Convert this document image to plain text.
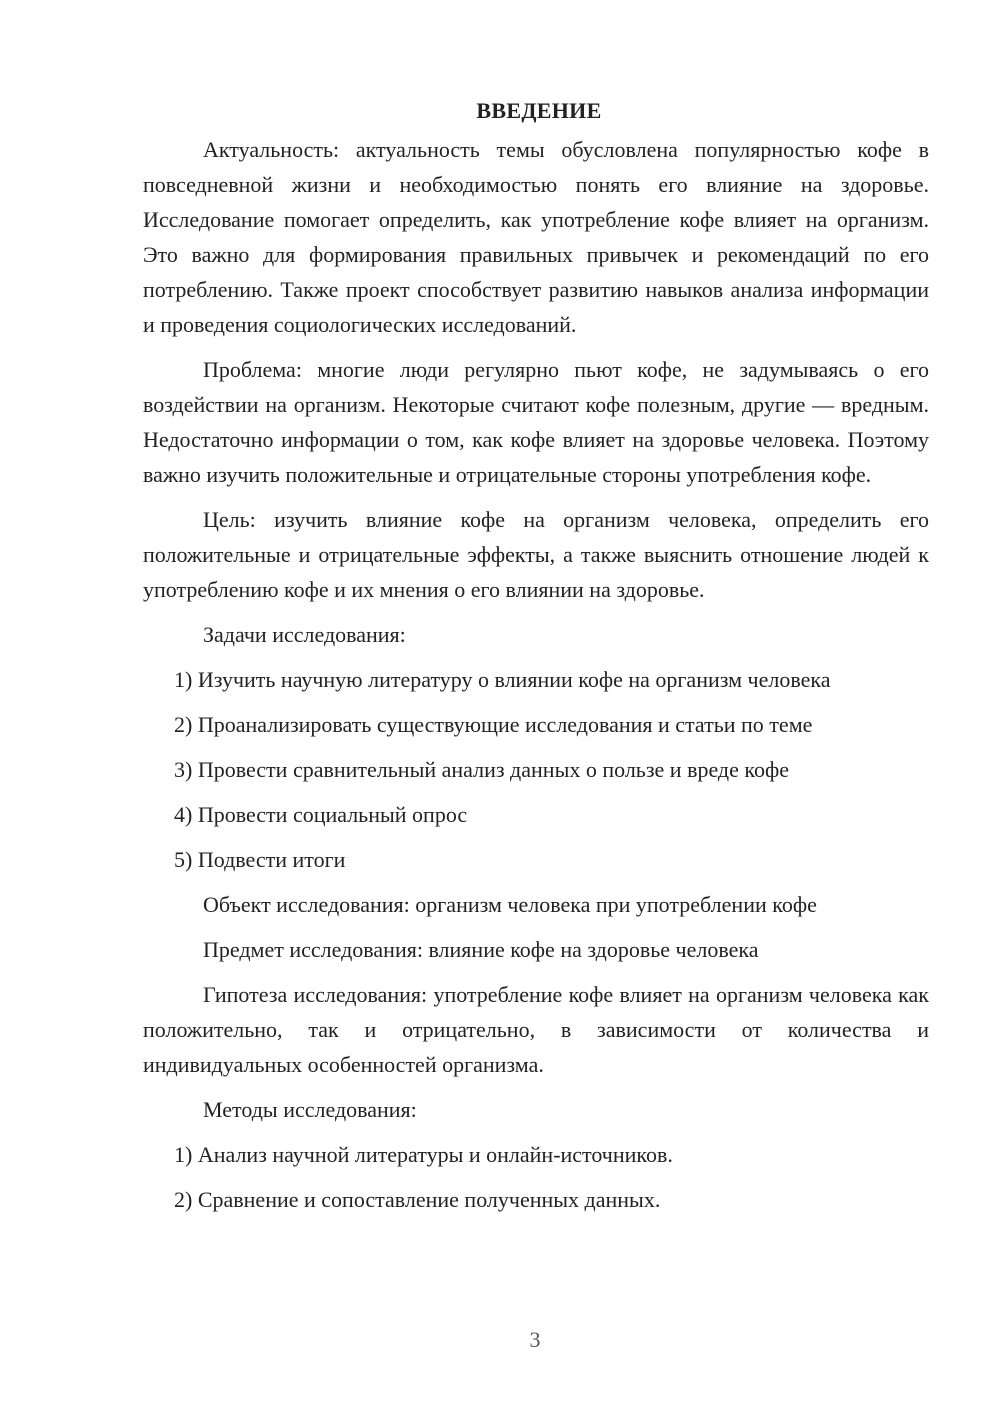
ВВЕДЕНИЕ

Актуальность: актуальность темы обусловлена популярностью кофе в повседневной жизни и необходимостью понять его влияние на здоровье. Исследование помогает определить, как употребление кофе влияет на организм. Это важно для формирования правильных привычек и рекомендаций по его потреблению. Также проект способствует развитию навыков анализа информации и проведения социологических исследований.

Проблема: многие люди регулярно пьют кофе, не задумываясь о его воздействии на организм. Некоторые считают кофе полезным, другие — вредным. Недостаточно информации о том, как кофе влияет на здоровье человека. Поэтому важно изучить положительные и отрицательные стороны употребления кофе.

Цель: изучить влияние кофе на организм человека, определить его положительные и отрицательные эффекты, а также выяснить отношение людей к употреблению кофе и их мнения о его влиянии на здоровье.

Задачи исследования:

1) Изучить научную литературу о влиянии кофе на организм человека

2) Проанализировать существующие исследования и статьи по теме

3) Провести сравнительный анализ данных о пользе и вреде кофе

4) Провести социальный опрос

5) Подвести итоги

Объект исследования: организм человека при употреблении кофе

Предмет исследования: влияние кофе на здоровье человека

Гипотеза исследования: употребление кофе влияет на организм человека как положительно, так и отрицательно, в зависимости от количества и индивидуальных особенностей организма.

Методы исследования:

1) Анализ научной литературы и онлайн-источников.

2) Сравнение и сопоставление полученных данных.

3
